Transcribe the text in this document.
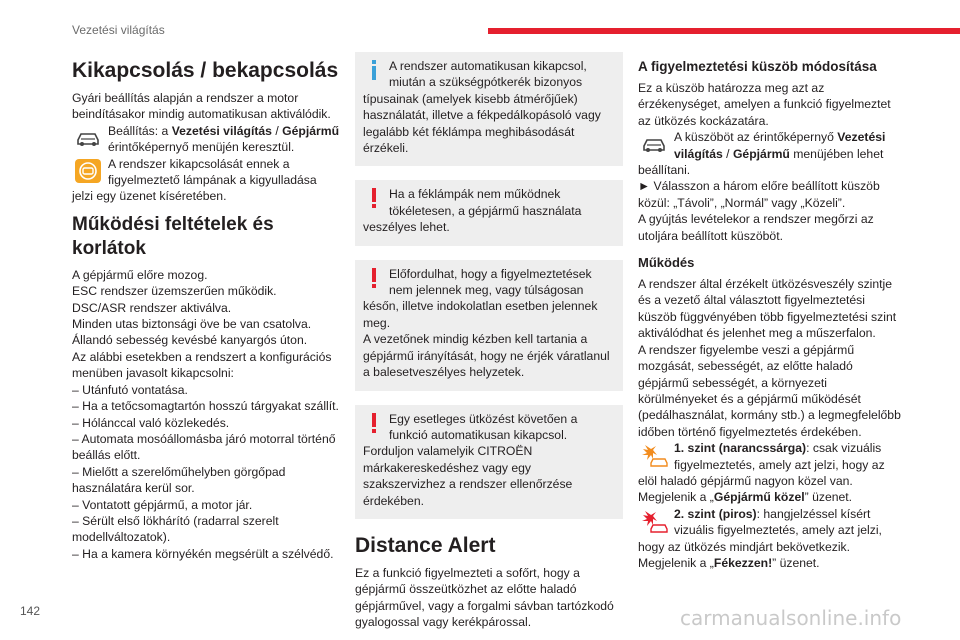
Vezetési világítás
Kikapcsolás / bekapcsolás

Gyári beállítás alapján a rendszer a motor beindításakor mindig automatikusan aktiválódik.

Beállítás: a Vezetési világítás / Gépjármű érintőképernyő menüjén keresztül.

A rendszer kikapcsolását ennek a figyelmeztető lámpának a kigyulladása jelzi egy üzenet kíséretében.

Működési feltételek és korlátok

A gépjármű előre mozog.

ESC rendszer üzemszerűen működik.

DSC/ASR rendszer aktiválva.

Minden utas biztonsági öve be van csatolva.

Állandó sebesség kevésbé kanyargós úton.

Az alábbi esetekben a rendszert a konfigurációs menüben javasolt kikapcsolni:

– Utánfutó vontatása.

– Ha a tetőcsomagtartón hosszú tárgyakat szállít.

– Hólánccal való közlekedés.

– Automata mosóállomásba járó motorral történő beállás előtt.

– Mielőtt a szerelőműhelyben görgőpad használatára kerül sor.

– Vontatott gépjármű, a motor jár.

– Sérült első lökhárító (radarral szerelt modellváltozatok).

– Ha a kamera környékén megsérült a szélvédő.

A rendszer automatikusan kikapcsol, miután a szükségpótkerék bizonyos típusainak (amelyek kisebb átmérőjűek) használatát, illetve a fékpedálkopásoló vagy legalább két féklámpa meghibásodását érzékeli.

Ha a féklámpák nem működnek tökéletesen, a gépjármű használata veszélyes lehet.

Előfordulhat, hogy a figyelmeztetések nem jelennek meg, vagy túlságosan későn, illetve indokolatlan esetben jelennek meg.

A vezetőnek mindig kézben kell tartania a gépjármű irányítását, hogy ne érjék váratlanul a balesetveszélyes helyzetek.

Egy esetleges ütközést követően a funkció automatikusan kikapcsol. Forduljon valamelyik CITROËN márkakereskedéshez vagy egy szakszervizhez a rendszer ellenőrzése érdekében.

Distance Alert

Ez a funkció figyelmezteti a sofőrt, hogy a gépjármű összeütközhet az előtte haladó gépjárművel, vagy a forgalmi sávban tartózkodó gyalogossal vagy kerékpárossal.

A figyelmeztetési küszöb módosítása

Ez a küszöb határozza meg azt az érzékenységet, amelyen a funkció figyelmeztet az ütközés kockázatára.

A küszöböt az érintőképernyő Vezetési világítás / Gépjármű menüjében lehet beállítani.

► Válasszon a három előre beállított küszöb közül: „Távoli”, „Normál” vagy „Közeli”.

A gyújtás levételekor a rendszer megőrzi az utoljára beállított küszöböt.

Működés

A rendszer által érzékelt ütközésveszély szintje és a vezető által választott figyelmeztetési küszöb függvényében több figyelmeztetési szint aktiválódhat és jelenhet meg a műszerfalon.

A rendszer figyelembe veszi a gépjármű mozgását, sebességét, az előtte haladó gépjármű sebességét, a környezeti körülményeket és a gépjármű működését (pedálhasználat, kormány stb.) a legmegfelelőbb időben történő figyelmeztetés érdekében.

1. szint (narancssárga): csak vizuális figyelmeztetés, amely azt jelzi, hogy az elöl haladó gépjármű nagyon közel van.

Megjelenik a „Gépjármű közel” üzenet.

2. szint (piros): hangjelzéssel kísért vizuális figyelmeztetés, amely azt jelzi, hogy az ütközés mindjárt bekövetkezik.

Megjelenik a „Fékezzen!” üzenet.

142	carmanualsonline.info
